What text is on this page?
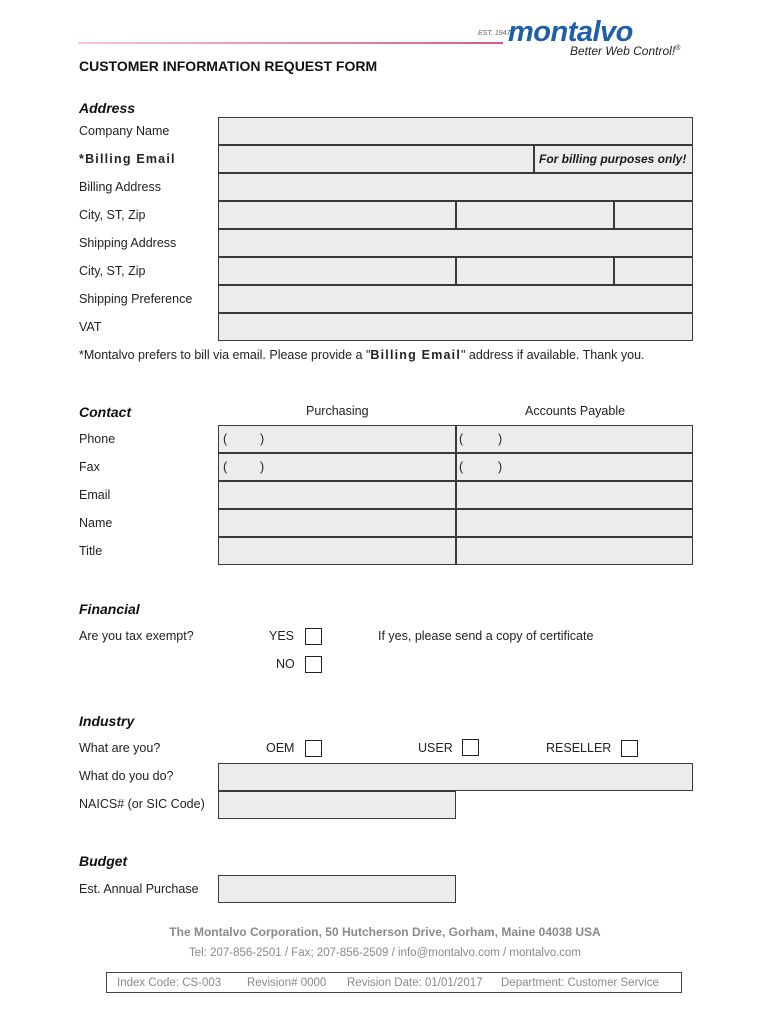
EST. 1947
montalvo
Better Web Control!®
CUSTOMER INFORMATION REQUEST FORM
Address
Company Name
*Billing Email	For billing purposes only!
Billing Address
City, ST, Zip
Shipping Address
City, ST, Zip
Shipping Preference
VAT
*Montalvo prefers to bill via email. Please provide a "Billing Email" address if available. Thank you.
Contact	Purchasing	Accounts Payable
Phone	(	)	(	)
Fax	(	)	(	)
Email
Name
Title
Financial
Are you tax exempt?	YES	If yes, please send a copy of certificate
NO
Industry
What are you?	OEM	USER	RESELLER
What do you do?
NAICS# (or SIC Code)
Budget
Est. Annual Purchase
The Montalvo Corporation, 50 Hutcherson Drive, Gorham, Maine 04038 USA
Tel: 207-856-2501 / Fax; 207-856-2509 / info@montalvo.com / montalvo.com
Index Code: CS-003 Revision# 0000 Revision Date: 01/01/2017 Department: Customer Service
